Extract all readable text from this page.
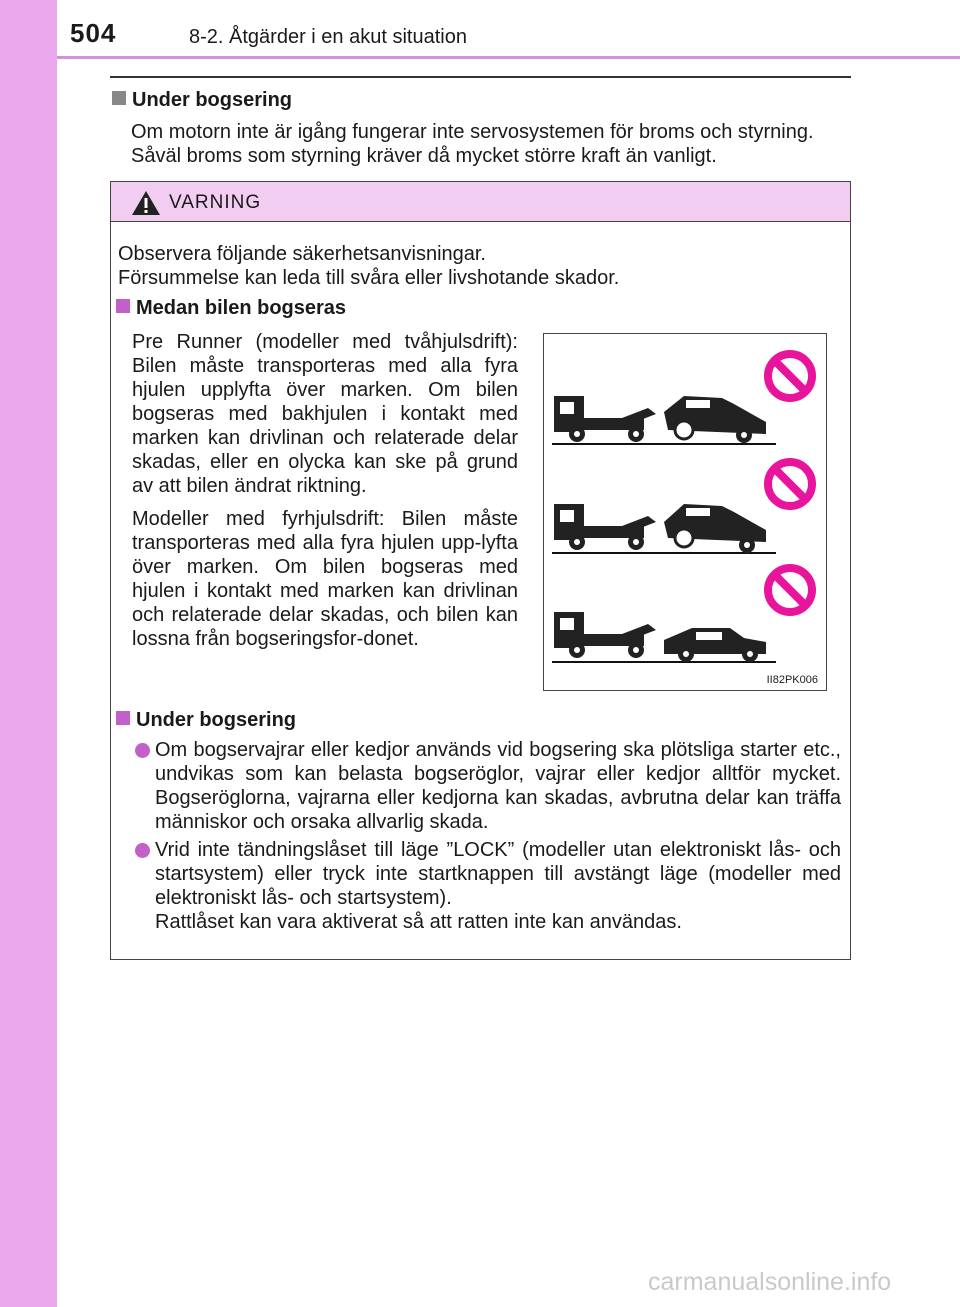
504	8-2. Åtgärder i en akut situation
Under bogsering
Om motorn inte är igång fungerar inte servosystemen för broms och styrning.
Såväl broms som styrning kräver då mycket större kraft än vanligt.
VARNING
Observera följande säkerhetsanvisningar.
Försummelse kan leda till svåra eller livshotande skador.
Medan bilen bogseras
Pre Runner (modeller med tvåhjulsdrift): Bilen måste transporteras med alla fyra hjulen upplyfta över marken. Om bilen bogseras med bakhjulen i kontakt med marken kan drivlinan och relaterade delar skadas, eller en olycka kan ske på grund av att bilen ändrat riktning.
Modeller med fyrhjulsdrift: Bilen måste transporteras med alla fyra hjulen upp-lyfta över marken. Om bilen bogseras med hjulen i kontakt med marken kan drivlinan och relaterade delar skadas, och bilen kan lossna från bogseringsfor-donet.
Under bogsering
Om bogservajrar eller kedjor används vid bogsering ska plötsliga starter etc., undvikas som kan belasta bogseröglor, vajrar eller kedjor alltför mycket. Bogseröglorna, vajrarna eller kedjorna kan skadas, avbrutna delar kan träffa människor och orsaka allvarlig skada.
Vrid inte tändningslåset till läge ”LOCK” (modeller utan elektroniskt lås- och startsystem) eller tryck inte startknappen till avstängt läge (modeller med elektroniskt lås- och startsystem).
Rattlåset kan vara aktiverat så att ratten inte kan användas.
II82PK006
carmanualsonline.info
